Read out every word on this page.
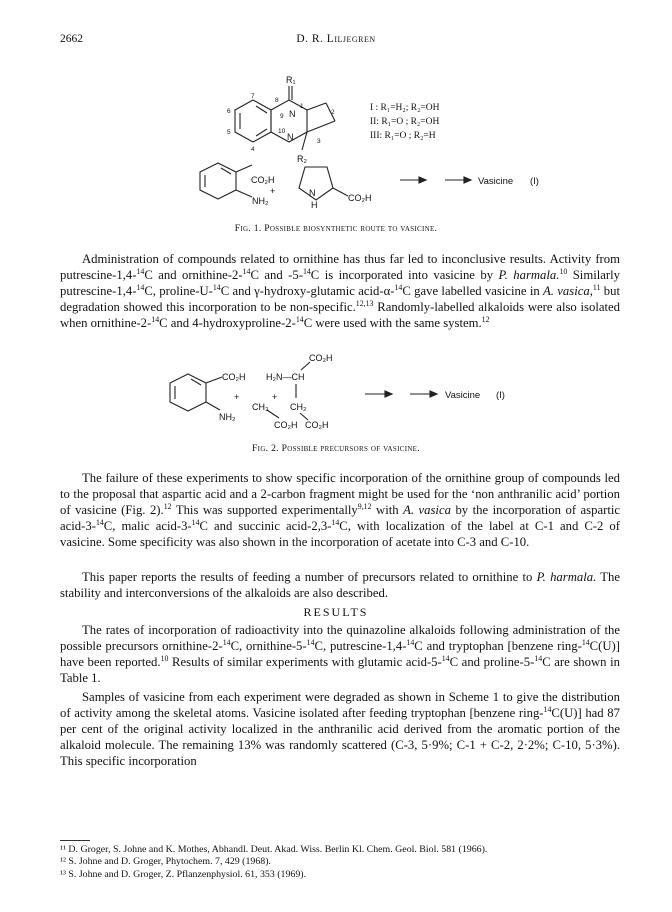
2662	D. R. Liljegren
R₁
N
N
R₂
CO₂H
NH₂
+	N
H
CO₂H
1
2
3
4
5
6
7
8
9
10
I : R₁=H₂; R₂=OH
II: R₁=O ; R₂=OH
III: R₁=O ; R₂=H
Vasicine (I)
Fig. 1. Possible biosynthetic route to vasicine.
Administration of compounds related to ornithine has thus far led to inconclusive results. Activity from putrescine-1,4-$^{14}$C and ornithine-2-$^{14}$C and -5-$^{14}$C is incorporated into vasicine by P. harmala.$^{10}$ Similarly putrescine-1,4-$^{14}$C, proline-U-$^{14}$C and γ-hydroxy-glutamic acid-α-$^{14}$C gave labelled vasicine in A. vasica,$^{11}$ but degradation showed this incorporation to be non-specific.$^{12,13}$ Randomly-labelled alkaloids were also isolated when ornithine-2-$^{14}$C and 4-hydroxyproline-2-$^{14}$C were used with the same system.$^{12}$
CO₂H
NH₂
+
CH₃
CO₂H
+
CO₂H
H₂N—CH
CH₂
CO₂H
Vasicine (I)
Fig. 2. Possible precursors of vasicine.
The failure of these experiments to show specific incorporation of the ornithine group of compounds led to the proposal that aspartic acid and a 2-carbon fragment might be used for the ‘non anthranilic acid’ portion of vasicine (Fig. 2).$^{12}$ This was supported experimentally$^{9,12}$ with A. vasica by the incorporation of aspartic acid-3-$^{14}$C, malic acid-3-$^{14}$C and succinic acid-2,3-$^{14}$C, with localization of the label at C-1 and C-2 of vasicine. Some specificity was also shown in the incorporation of acetate into C-3 and C-10.
This paper reports the results of feeding a number of precursors related to ornithine to P. harmala. The stability and interconversions of the alkaloids are also described.
RESULTS
The rates of incorporation of radioactivity into the quinazoline alkaloids following administration of the possible precursors ornithine-2-$^{14}$C, ornithine-5-$^{14}$C, putrescine-1,4-$^{14}$C and tryptophan [benzene ring-$^{14}$C(U)] have been reported.$^{10}$ Results of similar experiments with glutamic acid-5-$^{14}$C and proline-5-$^{14}$C are shown in Table 1.
Samples of vasicine from each experiment were degraded as shown in Scheme 1 to give the distribution of activity among the skeletal atoms. Vasicine isolated after feeding tryptophan [benzene ring-$^{14}$C(U)] had 87 per cent of the original activity localized in the anthranilic acid derived from the aromatic portion of the alkaloid molecule. The remaining 13% was randomly scattered (C-3, 5·9%; C-1 + C-2, 2·2%; C-10, 5·3%). This specific incorporation

¹¹ D. Groger, S. Johne and K. Mothes, Abhandl. Deut. Akad. Wiss. Berlin Kl. Chem. Geol. Biol. 581 (1966).

¹² S. Johne and D. Groger, Phytochem. 7, 429 (1968).

¹³ S. Johne and D. Groger, Z. Pflanzenphysiol. 61, 353 (1969).
